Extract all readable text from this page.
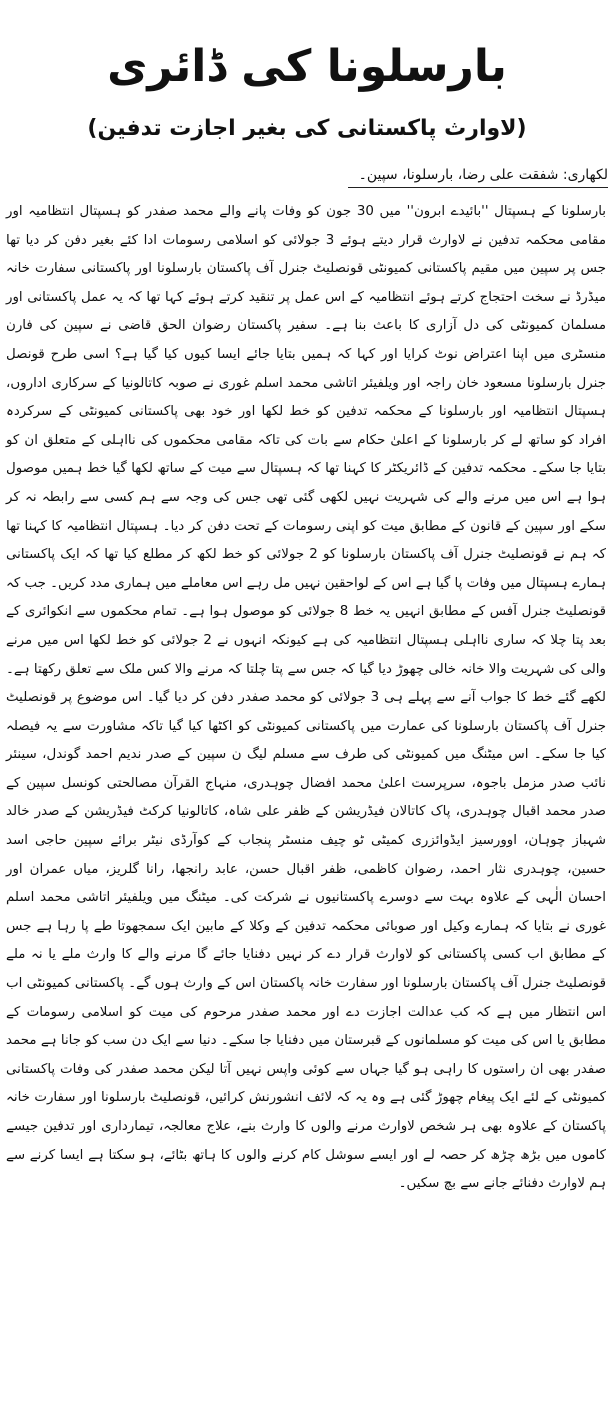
بارسلونا کی ڈائری
(لاوارث پاکستانی کی بغیر اجازت تدفین)
لکھاری: شفقت علی رضا، بارسلونا، سپین۔

بارسلونا کے ہسپتال ''بائیدے ابرون'' میں 30 جون کو وفات پانے والے محمد صفدر کو ہسپتال انتظامیہ اور مقامی محکمہ تدفین نے لاوارث قرار دیتے ہوئے 3 جولائی کو اسلامی رسومات ادا کئے بغیر دفن کر دیا تھا جس پر سپین میں مقیم پاکستانی کمیونٹی قونصلیٹ جنرل آف پاکستان بارسلونا اور پاکستانی سفارت خانہ میڈرڈ نے سخت احتجاج کرتے ہوئے انتظامیہ کے اس عمل پر تنقید کرتے ہوئے کہا تھا کہ یہ عمل پاکستانی اور مسلمان کمیونٹی کی دل آزاری کا باعث بنا ہے۔ سفیر پاکستان رضوان الحق قاضی نے سپین کی فارن منسٹری میں اپنا اعتراض نوٹ کرایا اور کہا کہ ہمیں بتایا جائے ایسا کیوں کیا گیا ہے؟ اسی طرح قونصل جنرل بارسلونا مسعود خان راجہ اور ویلفیئر اتاشی محمد اسلم غوری نے صوبہ کاتالونیا کے سرکاری اداروں، ہسپتال انتظامیہ اور بارسلونا کے محکمہ تدفین کو خط لکھا اور خود بھی پاکستانی کمیونٹی کے سرکردہ افراد کو ساتھ لے کر بارسلونا کے اعلیٰ حکام سے بات کی تاکہ مقامی محکموں کی نااہلی کے متعلق ان کو بتایا جا سکے۔ محکمہ تدفین کے ڈائریکٹر کا کہنا تھا کہ ہسپتال سے میت کے ساتھ لکھا گیا خط ہمیں موصول ہوا ہے اس میں مرنے والے کی شہریت نہیں لکھی گئی تھی جس کی وجہ سے ہم کسی سے رابطہ نہ کر سکے اور سپین کے قانون کے مطابق میت کو اپنی رسومات کے تحت دفن کر دیا۔ ہسپتال انتظامیہ کا کہنا تھا کہ ہم نے قونصلیٹ جنرل آف پاکستان بارسلونا کو 2 جولائی کو خط لکھ کر مطلع کیا تھا کہ ایک پاکستانی ہمارے ہسپتال میں وفات پا گیا ہے اس کے لواحقین نہیں مل رہے اس معاملے میں ہماری مدد کریں۔ جب کہ قونصلیٹ جنرل آفس کے مطابق انہیں یہ خط 8 جولائی کو موصول ہوا ہے۔ تمام محکموں سے انکوائری کے بعد پتا چلا کہ ساری نااہلی ہسپتال انتظامیہ کی ہے کیونکہ انہوں نے 2 جولائی کو خط لکھا اس میں مرنے والی کی شہریت والا خانہ خالی چھوڑ دیا گیا کہ جس سے پتا چلتا کہ مرنے والا کس ملک سے تعلق رکھتا ہے۔ لکھے گئے خط کا جواب آنے سے پہلے ہی 3 جولائی کو محمد صفدر دفن کر دیا گیا۔ اس موضوع پر قونصلیٹ جنرل آف پاکستان بارسلونا کی عمارت میں پاکستانی کمیونٹی کو اکٹھا کیا گیا تاکہ مشاورت سے یہ فیصلہ کیا جا سکے۔ اس میٹنگ میں کمیونٹی کی طرف سے مسلم لیگ ن سپین کے صدر ندیم احمد گوندل، سینئر نائب صدر مزمل باجوہ، سرپرست اعلیٰ محمد افضال چوہدری، منہاج القرآن مصالحتی کونسل سپین کے صدر محمد اقبال چوہدری، پاک کاتالان فیڈریشن کے ظفر علی شاہ، کاتالونیا کرکٹ فیڈریشن کے صدر خالد شہباز چوہان، اوورسیز ایڈوائزری کمیٹی ٹو چیف منسٹر پنجاب کے کوآرڈی نیٹر برائے سپین حاجی اسد حسین، چوہدری نثار احمد، رضوان کاظمی، ظفر اقبال حسن، عابد رانجھا، رانا گلریز، میاں عمران اور احسان الٰہی کے علاوہ بہت سے دوسرے پاکستانیوں نے شرکت کی۔ میٹنگ میں ویلفیئر اتاشی محمد اسلم غوری نے بتایا کہ ہمارے وکیل اور صوبائی محکمہ تدفین کے وکلا کے مابین ایک سمجھوتا طے پا رہا ہے جس کے مطابق اب کسی پاکستانی کو لاوارث قرار دے کر نہیں دفنایا جائے گا مرنے والے کا وارث ملے یا نہ ملے قونصلیٹ جنرل آف پاکستان بارسلونا اور سفارت خانہ پاکستان اس کے وارث ہوں گے۔ پاکستانی کمیونٹی اب اس انتظار میں ہے کہ کب عدالت اجازت دے اور محمد صفدر مرحوم کی میت کو اسلامی رسومات کے مطابق یا اس کی میت کو مسلمانوں کے قبرستان میں دفنایا جا سکے۔ دنیا سے ایک دن سب کو جانا ہے محمد صفدر بھی ان راستوں کا راہی ہو گیا جہاں سے کوئی واپس نہیں آتا لیکن محمد صفدر کی وفات پاکستانی کمیونٹی کے لئے ایک پیغام چھوڑ گئی ہے وہ یہ کہ لائف انشورنش کرائیں، قونصلیٹ بارسلونا اور سفارت خانہ پاکستان کے علاوہ بھی ہر شخص لاوارث مرنے والوں کا وارث بنے، علاج معالجہ، تیمارداری اور تدفین جیسے کاموں میں بڑھ چڑھ کر حصہ لے اور ایسے سوشل کام کرنے والوں کا ہاتھ بٹائے، ہو سکتا ہے ایسا کرنے سے ہم لاوارث دفنائے جانے سے بچ سکیں۔
